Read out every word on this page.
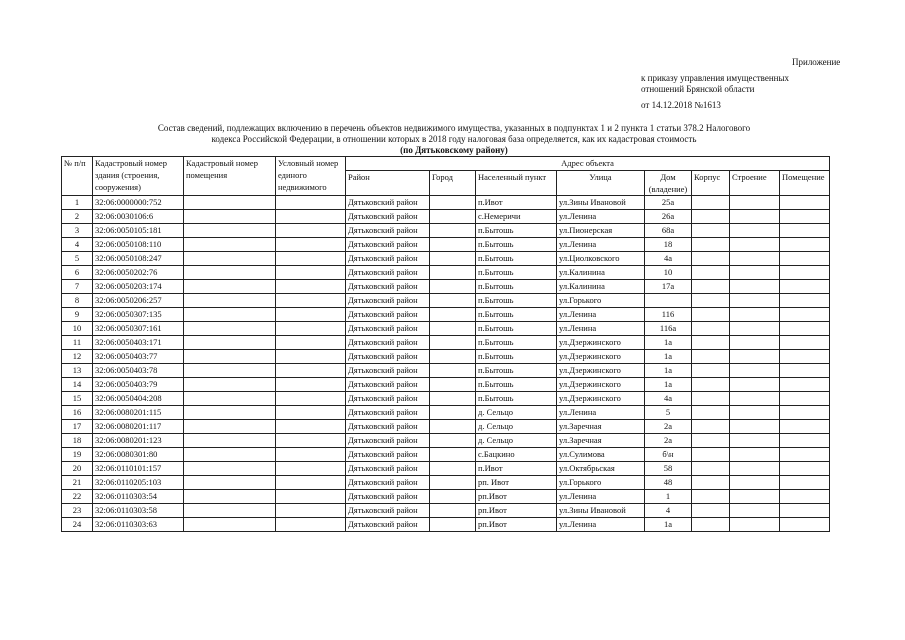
Приложение
к приказу управления имущественных
отношений Брянской области
от 14.12.2018 №1613
Состав сведений, подлежащих включению в перечень объектов недвижимого имущества, указанных в подпунктах 1 и 2 пункта 1 статьи 378.2 Налогового
кодекса Российской Федерации, в отношении которых в 2018 году налоговая база определяется, как их кадастровая стоимость
(по Дятьковскому району)
№ п/п	Кадастровый номер здания (строения, сооружения)	Кадастровый номер помещения	Условный номер единого недвижимого	Адрес объекта							
				Район	Город	Населенный пункт	Улица	Дом (владение)	Корпус	Строение	Помещение
1	32:06:0000000:752			Дятьковский район		п.Ивот	ул.Зины Ивановой	25а			
2	32:06:0030106:6			Дятьковский район		с.Немеричи	ул.Ленина	26а			
3	32:06:0050105:181			Дятьковский район		п.Бытошь	ул.Пионерская	68а			
4	32:06:0050108:110			Дятьковский район		п.Бытошь	ул.Ленина	18			
5	32:06:0050108:247			Дятьковский район		п.Бытошь	ул.Циолковского	4а			
6	32:06:0050202:76			Дятьковский район		п.Бытошь	ул.Калинина	10			
7	32:06:0050203:174			Дятьковский район		п.Бытошь	ул.Калинина	17а			
8	32:06:0050206:257			Дятьковский район		п.Бытошь	ул.Горького				
9	32:06:0050307:135			Дятьковский район		п.Бытошь	ул.Ленина	116			
10	32:06:0050307:161			Дятьковский район		п.Бытошь	ул.Ленина	116а			
11	32:06:0050403:171			Дятьковский район		п.Бытошь	ул.Дзержинского	1а			
12	32:06:0050403:77			Дятьковский район		п.Бытошь	ул.Дзержинского	1а			
13	32:06:0050403:78			Дятьковский район		п.Бытошь	ул.Дзержинского	1а			
14	32:06:0050403:79			Дятьковский район		п.Бытошь	ул.Дзержинского	1а			
15	32:06:0050404:208			Дятьковский район		п.Бытошь	ул.Дзержинского	4а			
16	32:06:0080201:115			Дятьковский район		д. Сельцо	ул.Ленина	5			
17	32:06:0080201:117			Дятьковский район		д. Сельцо	ул.Заречная	2а			
18	32:06:0080201:123			Дятьковский район		д. Сельцо	ул.Заречная	2а			
19	32:06:0080301:80			Дятьковский район		с.Бацкино	ул.Сулимова	б\н			
20	32:06:0110101:157			Дятьковский район		п.Ивот	ул.Октябрьская	58			
21	32:06:0110205:103			Дятьковский район		рп. Ивот	ул.Горького	48			
22	32:06:0110303:54			Дятьковский район		рп.Ивот	ул.Ленина	1			
23	32:06:0110303:58			Дятьковский район		рп.Ивот	ул.Зины Ивановой	4			
24	32:06:0110303:63			Дятьковский район		рп.Ивот	ул.Ленина	1а			
